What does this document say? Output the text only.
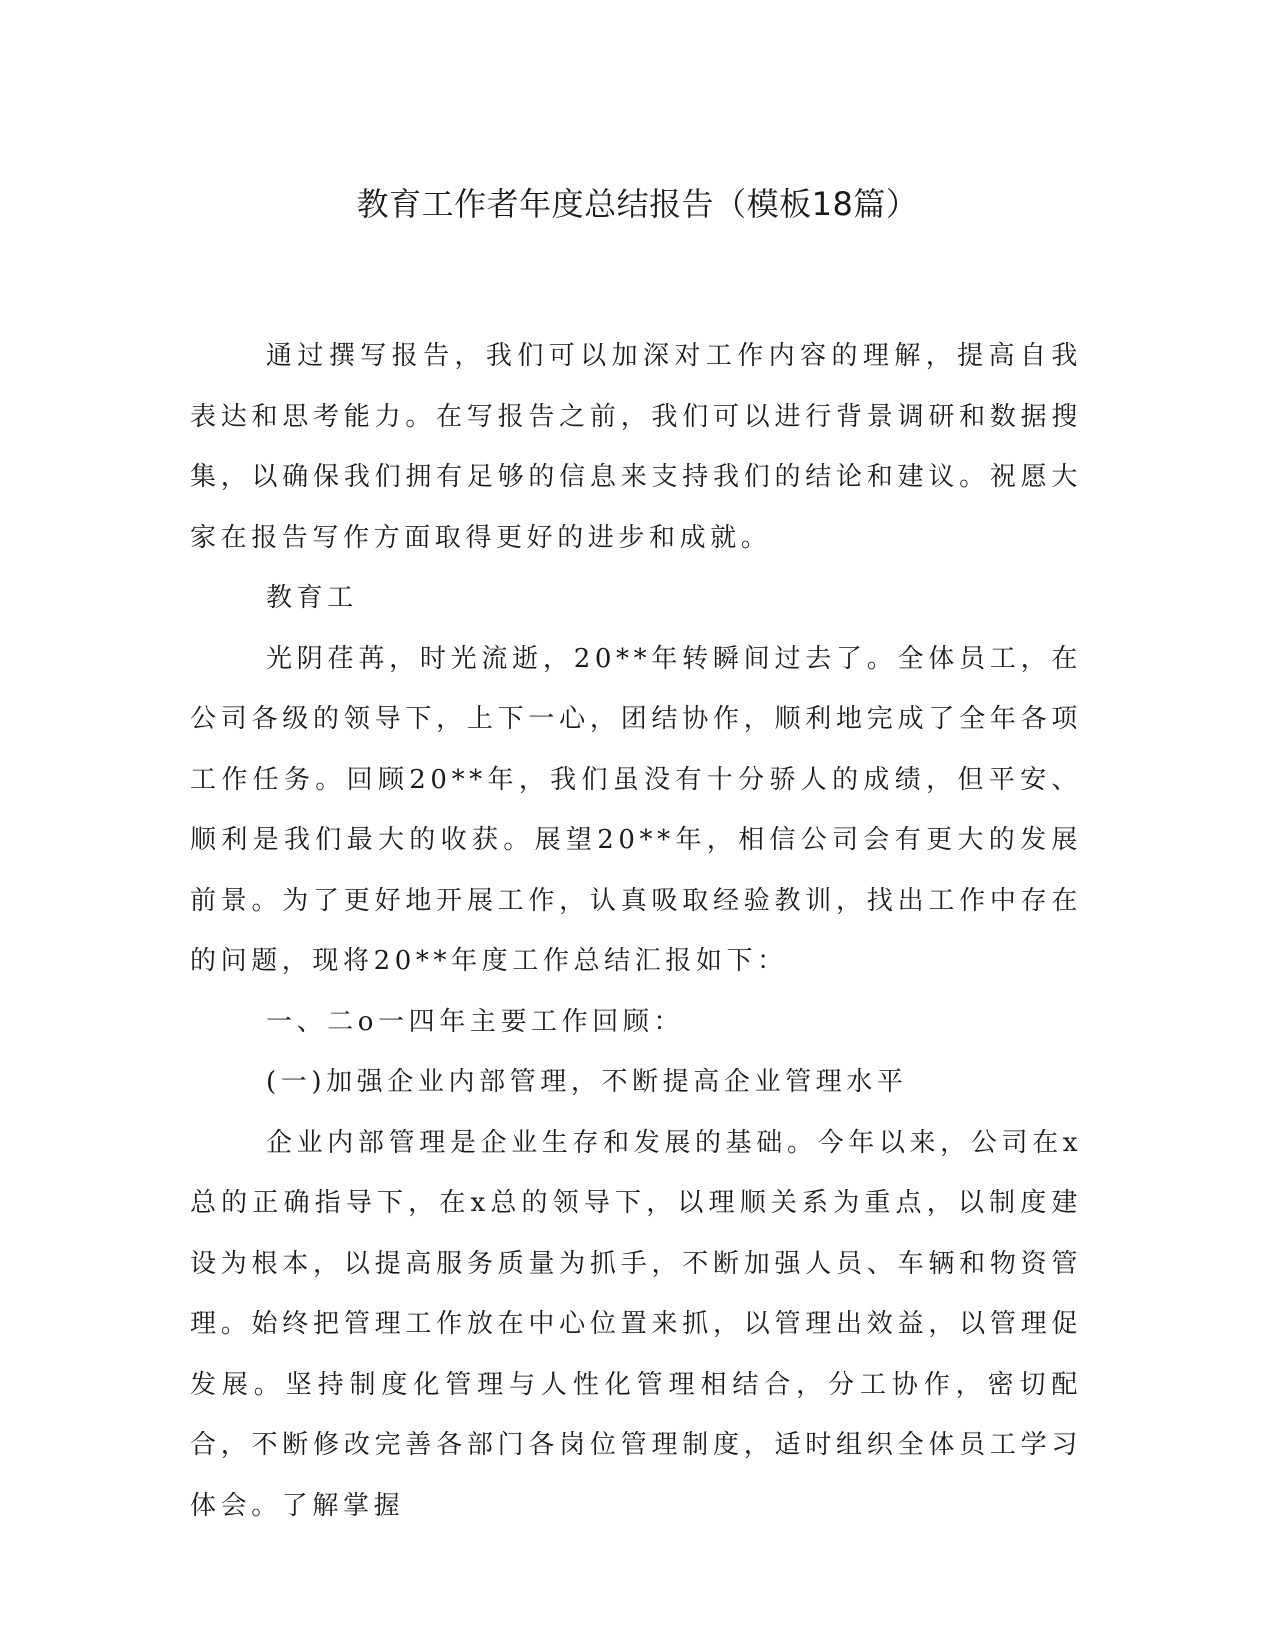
教育工作者年度总结报告（模板18篇）

通过撰写报告，我们可以加深对工作内容的理解，提高自我表达和思考能力。在写报告之前，我们可以进行背景调研和数据搜集，以确保我们拥有足够的信息来支持我们的结论和建议。祝愿大家在报告写作方面取得更好的进步和成就。

教育工

光阴荏苒，时光流逝，20**年转瞬间过去了。全体员工，在公司各级的领导下，上下一心，团结协作，顺利地完成了全年各项工作任务。回顾20**年，我们虽没有十分骄人的成绩，但平安、顺利是我们最大的收获。展望20**年，相信公司会有更大的发展前景。为了更好地开展工作，认真吸取经验教训，找出工作中存在的问题，现将20**年度工作总结汇报如下：

一、二o一四年主要工作回顾：

(一)加强企业内部管理，不断提高企业管理水平

企业内部管理是企业生存和发展的基础。今年以来，公司在x总的正确指导下，在x总的领导下，以理顺关系为重点，以制度建设为根本，以提高服务质量为抓手，不断加强人员、车辆和物资管理。始终把管理工作放在中心位置来抓，以管理出效益，以管理促发展。坚持制度化管理与人性化管理相结合，分工协作，密切配合，不断修改完善各部门各岗位管理制度，适时组织全体员工学习体会。了解掌握
